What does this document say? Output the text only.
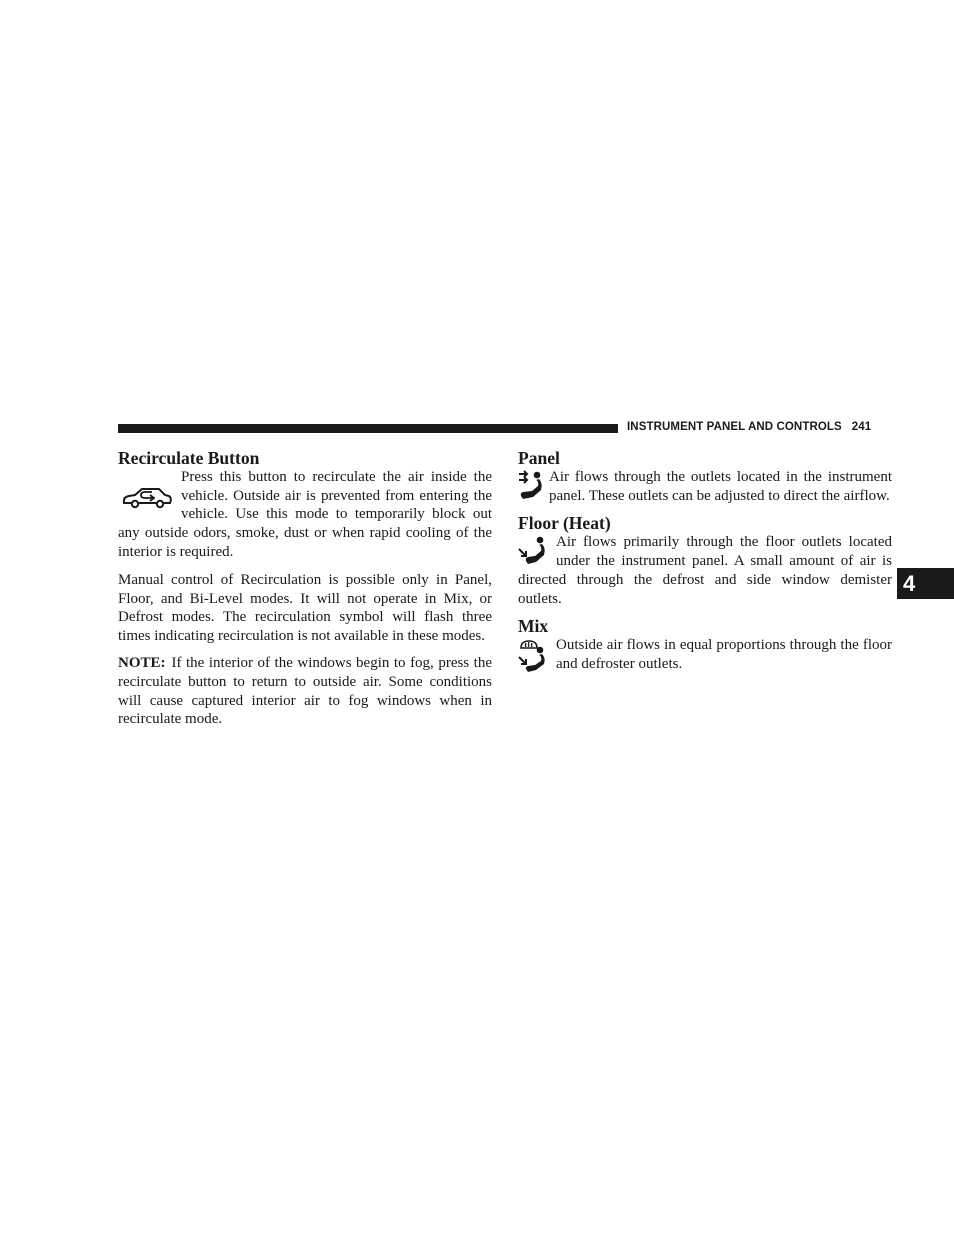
INSTRUMENT PANEL AND CONTROLS 241
4
Recirculate Button

Press this button to recirculate the air inside the vehicle. Outside air is prevented from entering the vehicle. Use this mode to temporarily block out any outside odors, smoke, dust or when rapid cooling of the interior is required.

Manual control of Recirculation is possible only in Panel, Floor, and Bi-Level modes. It will not operate in Mix, or Defrost modes. The recirculation symbol will flash three times indicating recirculation is not available in these modes.

NOTE: If the interior of the windows begin to fog, press the recirculate button to return to outside air. Some conditions will cause captured interior air to fog windows when in recirculate mode.

Panel

Air flows through the outlets located in the instrument panel. These outlets can be adjusted to direct the airflow.

Floor (Heat)

Air flows primarily through the floor outlets located under the instrument panel. A small amount of air is directed through the defrost and side window demister outlets.

Mix

Outside air flows in equal proportions through the floor and defroster outlets.
